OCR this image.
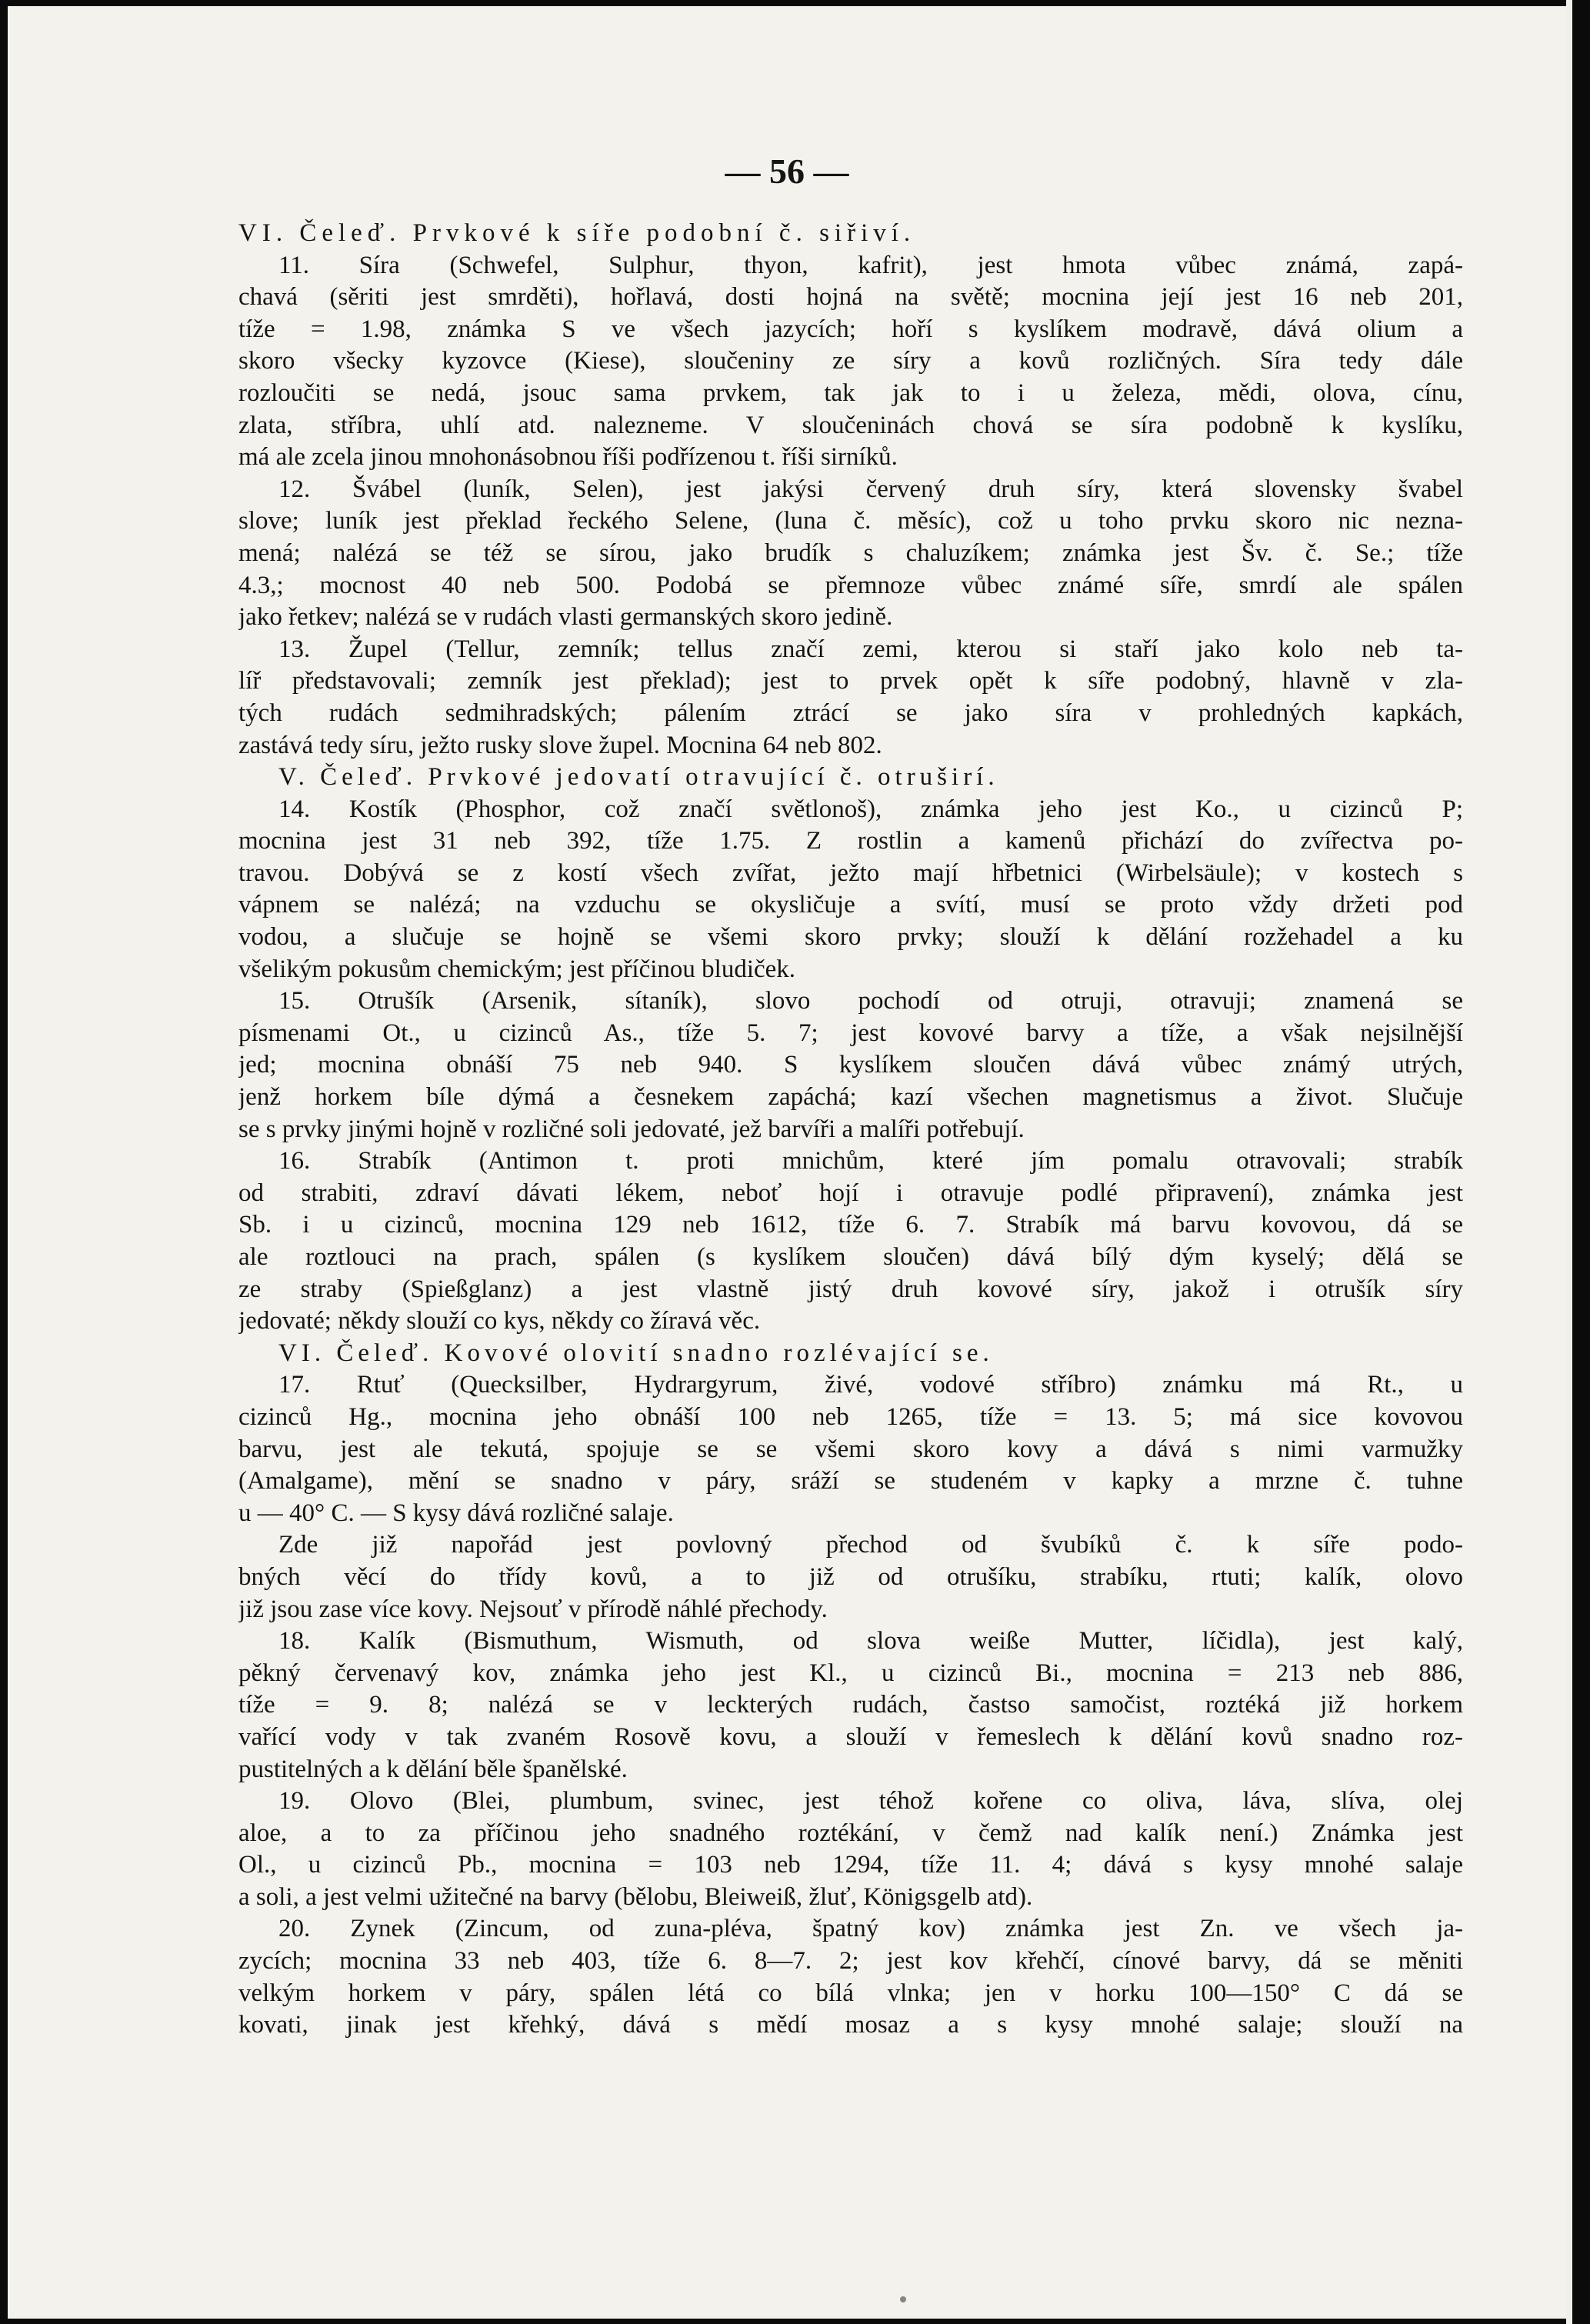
— 56 —
VI. Čeleď. Prvkové k síře podobní č. siřiví.
11. Síra (Schwefel, Sulphur, thyon, kafrit), jest hmota vůbec známá, zapá-
chavá (sěriti jest smrděti), hořlavá, dosti hojná na světě; mocnina její jest 16 neb 201,
tíže = 1.98, známka S ve všech jazycích; hoří s kyslíkem modravě, dává olium a
skoro všecky kyzovce (Kiese), sloučeniny ze síry a kovů rozličných. Síra tedy dále
rozloučiti se nedá, jsouc sama prvkem, tak jak to i u železa, mědi, olova, cínu,
zlata, stříbra, uhlí atd. nalezneme. V sloučeninách chová se síra podobně k kyslíku,
má ale zcela jinou mnohonásobnou říši podřízenou t. říši sirníků.
12. Švábel (luník, Selen), jest jakýsi červený druh síry, která slovensky švabel
slove; luník jest překlad řeckého Selene, (luna č. měsíc), což u toho prvku skoro nic nezna-
mená; nalézá se též se sírou, jako brudík s chaluzíkem; známka jest Šv. č. Se.; tíže
4.3,; mocnost 40 neb 500. Podobá se přemnoze vůbec známé síře, smrdí ale spálen
jako řetkev; nalézá se v rudách vlasti germanských skoro jedině.
13. Župel (Tellur, zemník; tellus značí zemi, kterou si staří jako kolo neb ta-
líř představovali; zemník jest překlad); jest to prvek opět k síře podobný, hlavně v zla-
tých rudách sedmihradských; pálením ztrácí se jako síra v prohledných kapkách,
zastává tedy síru, ježto rusky slove župel. Mocnina 64 neb 802.
V. Čeleď. Prvkové jedovatí otravující č. otruširí.
14. Kostík (Phosphor, což značí světlonoš), známka jeho jest Ko., u cizinců P;
mocnina jest 31 neb 392, tíže 1.75. Z rostlin a kamenů přichází do zvířectva po-
travou. Dobývá se z kostí všech zvířat, ježto mají hřbetnici (Wirbelsäule); v kostech s
vápnem se nalézá; na vzduchu se okysličuje a svítí, musí se proto vždy držeti pod
vodou, a slučuje se hojně se všemi skoro prvky; slouží k dělání rozžehadel a ku
všelikým pokusům chemickým; jest příčinou bludiček.
15. Otrušík (Arsenik, sítaník), slovo pochodí od otruji, otravuji; znamená se
písmenami Ot., u cizinců As., tíže 5. 7; jest kovové barvy a tíže, a však nejsilnější
jed; mocnina obnáší 75 neb 940. S kyslíkem sloučen dává vůbec známý utrých,
jenž horkem bíle dýmá a česnekem zapáchá; kazí všechen magnetismus a život. Slučuje
se s prvky jinými hojně v rozličné soli jedovaté, jež barvíři a malíři potřebují.
16. Strabík (Antimon t. proti mnichům, které jím pomalu otravovali; strabík
od strabiti, zdraví dávati lékem, neboť hojí i otravuje podlé připravení), známka jest
Sb. i u cizinců, mocnina 129 neb 1612, tíže 6. 7. Strabík má barvu kovovou, dá se
ale roztlouci na prach, spálen (s kyslíkem sloučen) dává bílý dým kyselý; dělá se
ze straby (Spießglanz) a jest vlastně jistý druh kovové síry, jakož i otrušík síry
jedovaté; někdy slouží co kys, někdy co žíravá věc.
VI. Čeleď. Kovové olovití snadno rozlévající se.
17. Rtuť (Quecksilber, Hydrargyrum, živé, vodové stříbro) známku má Rt., u
cizinců Hg., mocnina jeho obnáší 100 neb 1265, tíže = 13. 5; má sice kovovou
barvu, jest ale tekutá, spojuje se se všemi skoro kovy a dává s nimi varmužky
(Amalgame), mění se snadno v páry, sráží se studeném v kapky a mrzne č. tuhne
u — 40° C. — S kysy dává rozličné salaje.
Zde již napořád jest povlovný přechod od švubíků č. k síře podo-
bných věcí do třídy kovů, a to již od otrušíku, strabíku, rtuti; kalík, olovo
již jsou zase více kovy. Nejsouť v přírodě náhlé přechody.
18. Kalík (Bismuthum, Wismuth, od slova weiße Mutter, líčidla), jest kalý,
pěkný červenavý kov, známka jeho jest Kl., u cizinců Bi., mocnina = 213 neb 886,
tíže = 9. 8; nalézá se v leckterých rudách, častso samočist, roztéká již horkem
vařící vody v tak zvaném Rosově kovu, a slouží v řemeslech k dělání kovů snadno roz-
pustitelných a k dělání běle španělské.
19. Olovo (Blei, plumbum, svinec, jest téhož kořene co oliva, láva, slíva, olej
aloe, a to za příčinou jeho snadného roztékání, v čemž nad kalík není.) Známka jest
Ol., u cizinců Pb., mocnina = 103 neb 1294, tíže 11. 4; dává s kysy mnohé salaje
a soli, a jest velmi užitečné na barvy (bělobu, Bleiweiß, žluť, Königsgelb atd).
20. Zynek (Zincum, od zuna-pléva, špatný kov) známka jest Zn. ve všech ja-
zycích; mocnina 33 neb 403, tíže 6. 8—7. 2; jest kov křehčí, cínové barvy, dá se měniti
velkým horkem v páry, spálen létá co bílá vlnka; jen v horku 100—150° C dá se
kovati, jinak jest křehký, dává s mědí mosaz a s kysy mnohé salaje; slouží na
